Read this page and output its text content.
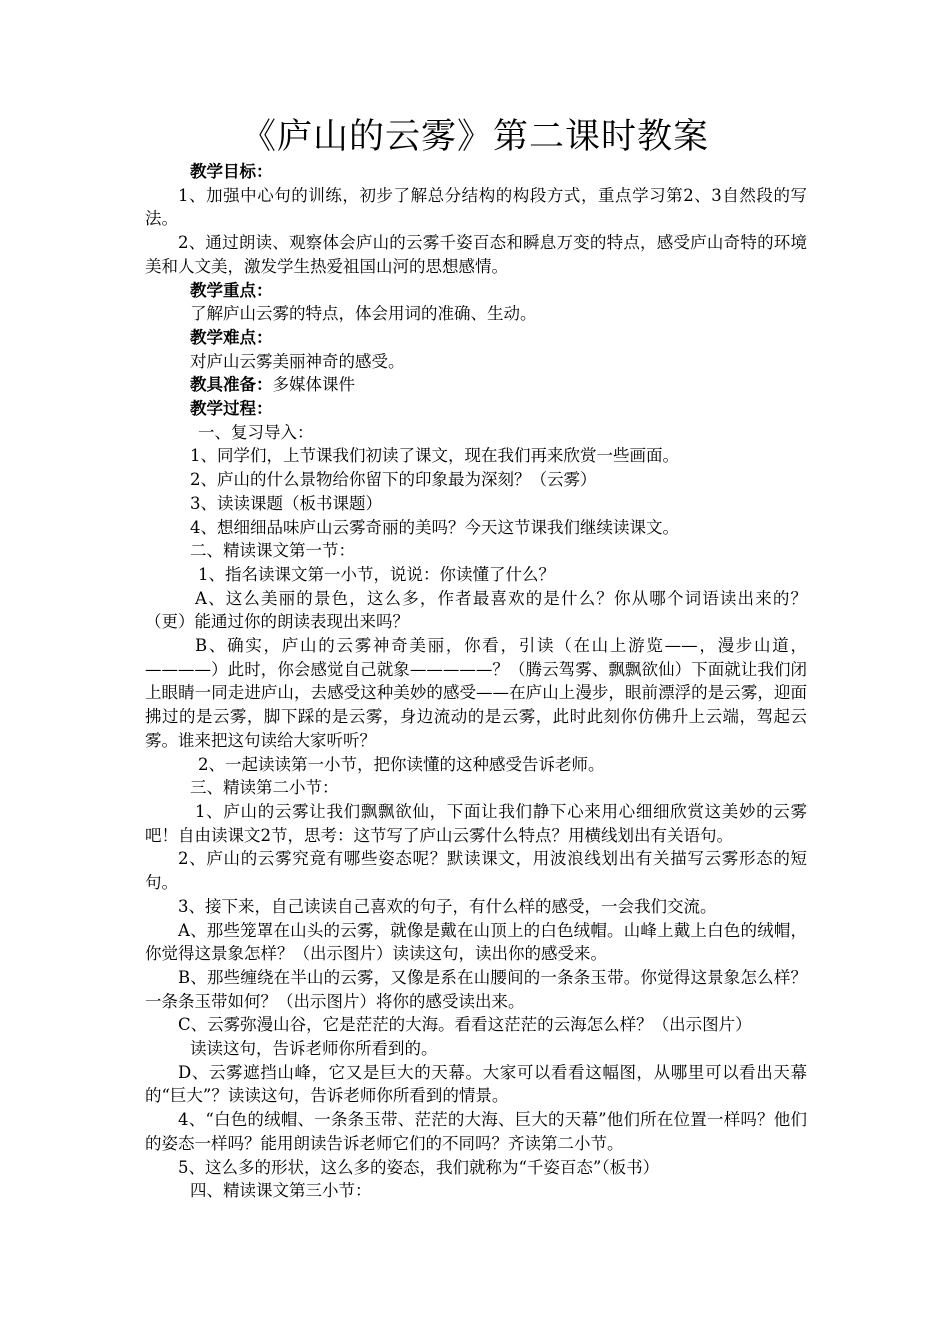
《庐山的云雾》第二课时教案

教学目标：

1、加强中心句的训练，初步了解总分结构的构段方式，重点学习第2、3自然段的写法。

2、通过朗读、观察体会庐山的云雾千姿百态和瞬息万变的特点，感受庐山奇特的环境美和人文美，激发学生热爱祖国山河的思想感情。

教学重点：

了解庐山云雾的特点，体会用词的准确、生动。

教学难点：

对庐山云雾美丽神奇的感受。

教具准备：多媒体课件

教学过程：

一、复习导入：

1、同学们，上节课我们初读了课文，现在我们再来欣赏一些画面。

2、庐山的什么景物给你留下的印象最为深刻？（云雾）

3、读读课题（板书课题）

4、想细细品味庐山云雾奇丽的美吗？今天这节课我们继续读课文。

二、精读课文第一节：

1、指名读课文第一小节，说说：你读懂了什么？

A、这么美丽的景色，这么多，作者最喜欢的是什么？你从哪个词语读出来的？（更）能通过你的朗读表现出来吗？

B、确实，庐山的云雾神奇美丽，你看，引读（在山上游览——，漫步山道，————）此时，你会感觉自己就象—————？（腾云驾雾、飘飘欲仙）下面就让我们闭上眼睛一同走进庐山，去感受这种美妙的感受——在庐山上漫步，眼前漂浮的是云雾，迎面拂过的是云雾，脚下踩的是云雾，身边流动的是云雾，此时此刻你仿佛升上云端，驾起云雾。谁来把这句读给大家听听？

2、一起读读第一小节，把你读懂的这种感受告诉老师。

三、精读第二小节：

1、庐山的云雾让我们飘飘欲仙，下面让我们静下心来用心细细欣赏这美妙的云雾吧！自由读课文2节，思考：这节写了庐山云雾什么特点？用横线划出有关语句。

2、庐山的云雾究竟有哪些姿态呢？默读课文，用波浪线划出有关描写云雾形态的短句。

3、接下来，自己读读自己喜欢的句子，有什么样的感受，一会我们交流。

A、那些笼罩在山头的云雾，就像是戴在山顶上的白色绒帽。山峰上戴上白色的绒帽，你觉得这景象怎样？（出示图片）读读这句，读出你的感受来。

B、那些缠绕在半山的云雾，又像是系在山腰间的一条条玉带。你觉得这景象怎么样？一条条玉带如何？（出示图片）将你的感受读出来。

C、云雾弥漫山谷，它是茫茫的大海。看看这茫茫的云海怎么样？（出示图片）

读读这句，告诉老师你所看到的。

D、云雾遮挡山峰，它又是巨大的天幕。大家可以看看这幅图，从哪里可以看出天幕的“巨大”？读读这句，告诉老师你所看到的情景。

4、“白色的绒帽、一条条玉带、茫茫的大海、巨大的天幕”他们所在位置一样吗？他们的姿态一样吗？能用朗读告诉老师它们的不同吗？齐读第二小节。

5、这么多的形状，这么多的姿态，我们就称为“千姿百态”（板书）

四、精读课文第三小节：
